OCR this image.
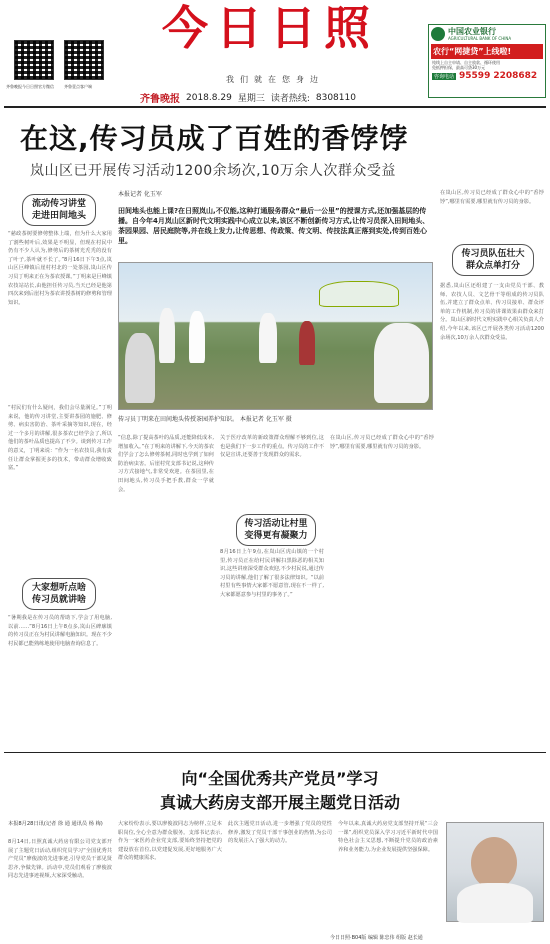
齐鲁晚报今日日照官方微信	齐鲁壹点客户端
今日日照
我们就在您身边
齐鲁晚报 2018.8.29 星期三 读者热线: 8308110
中国农业银行
AGRICULTURAL BANK OF CHINA
农行“网捷贷”上线啦!
纯线上自主申请、自主放款、循环使用
免抵押担保，最高可贷30万元
咨询电话 95599 2208682
在这,传习员成了百姓的香饽饽
岚山区已开展传习活动1200余场次,10万余人次群众受益
流动传习讲堂
走进田间地头
“慈政茶树要修剪整体上端，但为什么大家用了割些树叶后,效果是不明显，但现在村民中仍有不少人认为,修剪后的茶树光秃秃的没有了叶子,茶叶就不长了。”8月16日下午3点,岚山区巨峰镇后崖村村北的一处茶园,岚山区传习员丁明来正在为茶农授课。”丁明来是巨峰镇农技站站长,由他担任传习员,当天已经是他第四次来到后崖村为茶农讲授茶树的修剪和管理知识。
“村民们有什么疑问，我们会尽量满足。”丁明来说，他的传习讲堂,主要讲茶园的施肥、修剪、病虫害防治、茶叶采摘等知识,现在，经过一个多月的讲解,很多茶农已经学会了,所以他们的茶叶品质也提高了不少。谈到传习工作的意义，丁明来说：“作为一名农技员,我有责任让群众掌握更多的技术，带动群众增收致富。”
大家想听点啥
传习员就讲啥
“暑期我是在传习员的帮助下,学会了用电脑,以前……”8月16日上午8点多,岚山区碑廓镇的传习员正在为村民讲解电脑知识。现在不少村民都已能熟练地使用电脑查询信息了。
本报记者 化玉军
田间地头也能上课?在日照岚山,不仅能,这种打通服务群众“最后一公里”的授课方式,还加强基层的传播。自今年4月岚山区新时代文明实践中心成立以来,该区不断创新传习方式,让传习员深入田间地头、茶园果园、居民庭院等,并在线上发力,让传思想、传政策、传文明、传技法真正落到实处,传到百姓心里。
传习员丁明来在田间地头传授茶园养护知识。 本报记者 化玉军 摄
”信息,除了提高茶叶的品质,还能降低成本,增加收入。”在丁明来的讲解下,今天的茶农们学会了怎么修剪茶树,同时也学到了如何防治病虫害。后崖村党支部书记说,这种传习方式接地气,非常受欢迎。在茶园里,在田间地头,传习员手把手教,群众一学就会。
关于医疗改革的新政策群众理解不够到位,这也是我们下一步工作的重点。传习员的工作不仅是宣讲,还要善于发现群众的需求。
传习活动让村里
变得更有凝聚力
8月16日上午9点,在岚山区虎山镇的一个村里,传习员正在给村民讲解扫黑除恶的相关知识,这些讲座深受群众欢迎,不少村民说,通过传习员的讲解,他们了解了很多法律知识。“以前村里有些事情大家都不愿意管,现在不一样了,大家都愿意参与村里的事务了。”
在岚山区,传习员已经成了群众心中的“香饽饽”,哪里有需要,哪里就有传习员的身影。
在岚山区,传习员已经成了群众心中的“香饽饽”,哪里有需要,哪里就有传习员的身影。
传习员队伍壮大
群众点单打分
据悉,岚山区还组建了一支由党员干部、教师、农技人员、文艺骨干等组成的传习员队伍,并建立了群众点单、传习员接单、群众评单的工作机制,传习员的讲课效果由群众来打分。岚山区新时代文明实践中心相关负责人介绍,今年以来,该区已开展各类传习活动1200余场次,10万余人次群众受益。
向“全国优秀共产党员”学习
真诚大药房支部开展主题党日活动
本报8月28日讯(记者 徐 通 通讯员 杨 梅)
8月14日,日照真诚大药房有限公司党支部开展了主题党日活动,组织党员学习“全国优秀共产党员”廖俊波的先进事迹,引导党员干部见贤思齐,争做先锋。活动中,党员们观看了廖俊波同志先进事迹视频,大家深受触动。
大家纷纷表示,要以廖俊波同志为榜样,立足本职岗位,全心全意为群众服务。支部书记表示,作为一家医药企业党支部,要始终坚持把党的建设放在首位,以党建促发展,更好地服务广大群众的健康需求。
此次主题党日活动,进一步增强了党员的党性修养,激发了党员干部干事创业的热情,为公司的发展注入了强大的动力。
今年以来,真诚大药房党支部坚持开展“三会一课”,组织党员深入学习习近平新时代中国特色社会主义思想,不断提升党员的政治素养和业务能力,为企业发展提供坚强保障。
今日日照·B04版 编辑 陈忠伟 组版 赵长通
